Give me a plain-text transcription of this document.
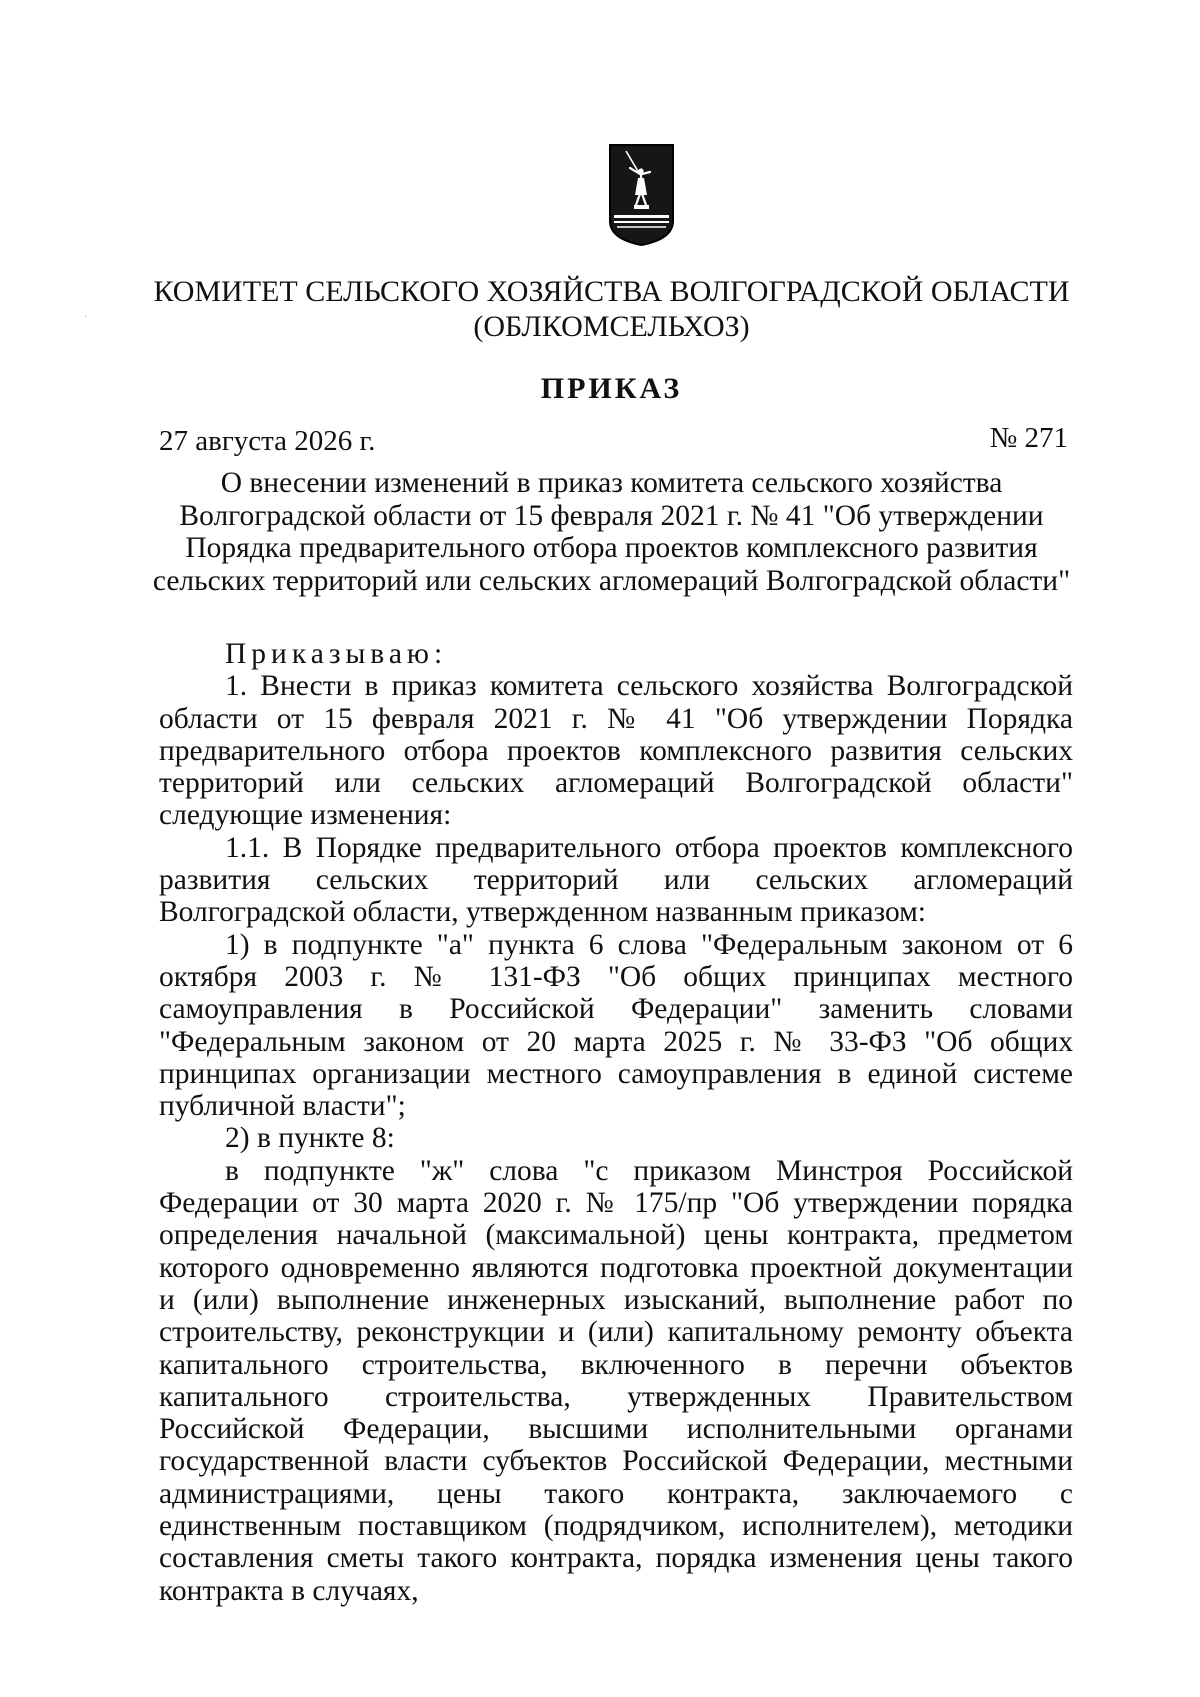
·
КОМИТЕТ СЕЛЬСКОГО ХОЗЯЙСТВА ВОЛГОГРАДСКОЙ ОБЛАСТИ
(ОБЛКОМСЕЛЬХОЗ)
ПРИКАЗ
27 августа 2026 г.	№ 271
О внесении изменений в приказ комитета сельского хозяйства Волгоградской области от 15 февраля 2021 г. № 41 "Об утверждении Порядка предварительного отбора проектов комплексного развития сельских территорий или сельских агломераций Волгоградской области"

Приказываю:

1. Внести в приказ комитета сельского хозяйства Волгоградской области от 15 февраля 2021 г. № 41 "Об утверждении Порядка предварительного отбора проектов комплексного развития сельских территорий или сельских агломераций Волгоградской области" следующие изменения:

1.1. В Порядке предварительного отбора проектов комплексного развития сельских территорий или сельских агломераций Волгоградской области, утвержденном названным приказом:

1) в подпункте "а" пункта 6 слова "Федеральным законом от 6 октября 2003 г. № 131-ФЗ "Об общих принципах местного самоуправления в Российской Федерации" заменить словами "Федеральным законом от 20 марта 2025 г. № 33-ФЗ "Об общих принципах организации местного самоуправления в единой системе публичной власти";

2) в пункте 8:

в подпункте "ж" слова "с приказом Минстроя Российской Федерации от 30 марта 2020 г. № 175/пр "Об утверждении порядка определения начальной (максимальной) цены контракта, предметом которого одновременно являются подготовка проектной документации и (или) выполнение инженерных изысканий, выполнение работ по строительству, реконструкции и (или) капитальному ремонту объекта капитального строительства, включенного в перечни объектов капитального строительства, утвержденных Правительством Российской Федерации, высшими исполнительными органами государственной власти субъектов Российской Федерации, местными администрациями, цены такого контракта, заключаемого с единственным поставщиком (подрядчиком, исполнителем), методики составления сметы такого контракта, порядка изменения цены такого контракта в случаях,
